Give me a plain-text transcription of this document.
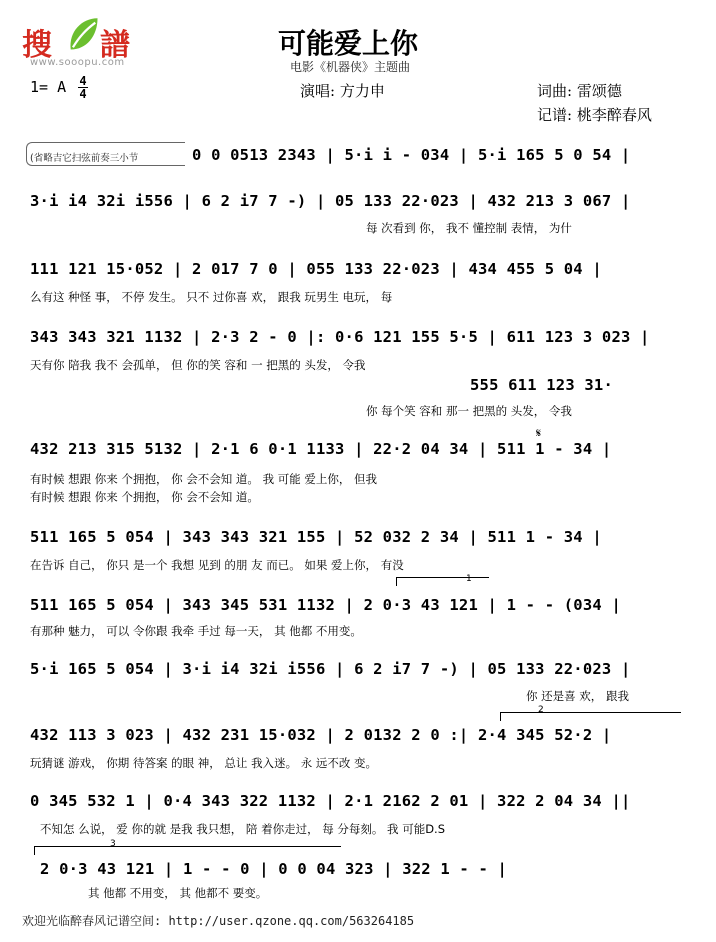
搜 譜
www.sooopu.com
可能爱上你
电影《机器侠》主题曲
1= A 4
4	演唱: 方力申	词曲: 雷颂德
记谱: 桃李醉春风
(省略吉它扫弦前奏三小节	0 0 0513 2343 | 5·i i - 034 | 5·i 165 5 0 54 |
3·i i4 32i i556 | 6 2 i7 7 -) | 05 133 22·023 | 432 213 3 067 |
每 次看到 你， 我不 懂控制 表情， 为什
111 121 15·052 | 2 017 7 0 | 055 133 22·023 | 434 455 5 04 |
么有这 种怪 事， 不停 发生。 只不 过你喜 欢， 跟我 玩男生 电玩， 每
343 343 321 1132 | 2·3 2 - 0 |: 0·6 121 155 5·5 | 611 123 3 023 |
天有你 陪我 我不 会孤单， 但 你的笑 容和 一 把黑的 头发， 令我
555 611 123 31·
你 每个笑 容和 那一 把黑的 头发， 令我
𝄋
432 213 315 5132 | 2·1 6 0·1 1133 | 22·2 04 34 | 511 1 - 34 |
有时候 想跟 你来 个拥抱， 你 会不会知 道。 我 可能 爱上你， 但我
有时候 想跟 你来 个拥抱， 你 会不会知 道。
511 165 5 054 | 343 343 321 155 | 52 032 2 34 | 511 1 - 34 |
在告诉 自己， 你只 是一个 我想 见到 的朋 友 而已。 如果 爱上你， 有没
1
511 165 5 054 | 343 345 531 1132 | 2 0·3 43 121 | 1 - - (034 |
有那种 魅力， 可以 令你跟 我牵 手过 每一天， 其 他都 不用变。
5·i 165 5 054 | 3·i i4 32i i556 | 6 2 i7 7 -) | 05 133 22·023 |
你 还是喜 欢， 跟我
2
432 113 3 023 | 432 231 15·032 | 2 0132 2 0 :| 2·4 345 52·2 |
玩猜谜 游戏， 你期 待答案 的眼 神， 总让 我入迷。 永 远不改 变。
0 345 532 1 | 0·4 343 322 1132 | 2·1 2162 2 01 | 322 2 04 34 ||
不知怎 么说， 爱 你的就 是我 我只想， 陪 着你走过， 每 分每刻。 我 可能D.S
3
2 0·3 43 121 | 1 - - 0 | 0 0 04 323 | 322 1 - - |
其 他都 不用变， 其 他都不 要变。
欢迎光临醉春风记谱空间: http://user.qzone.qq.com/563264185
